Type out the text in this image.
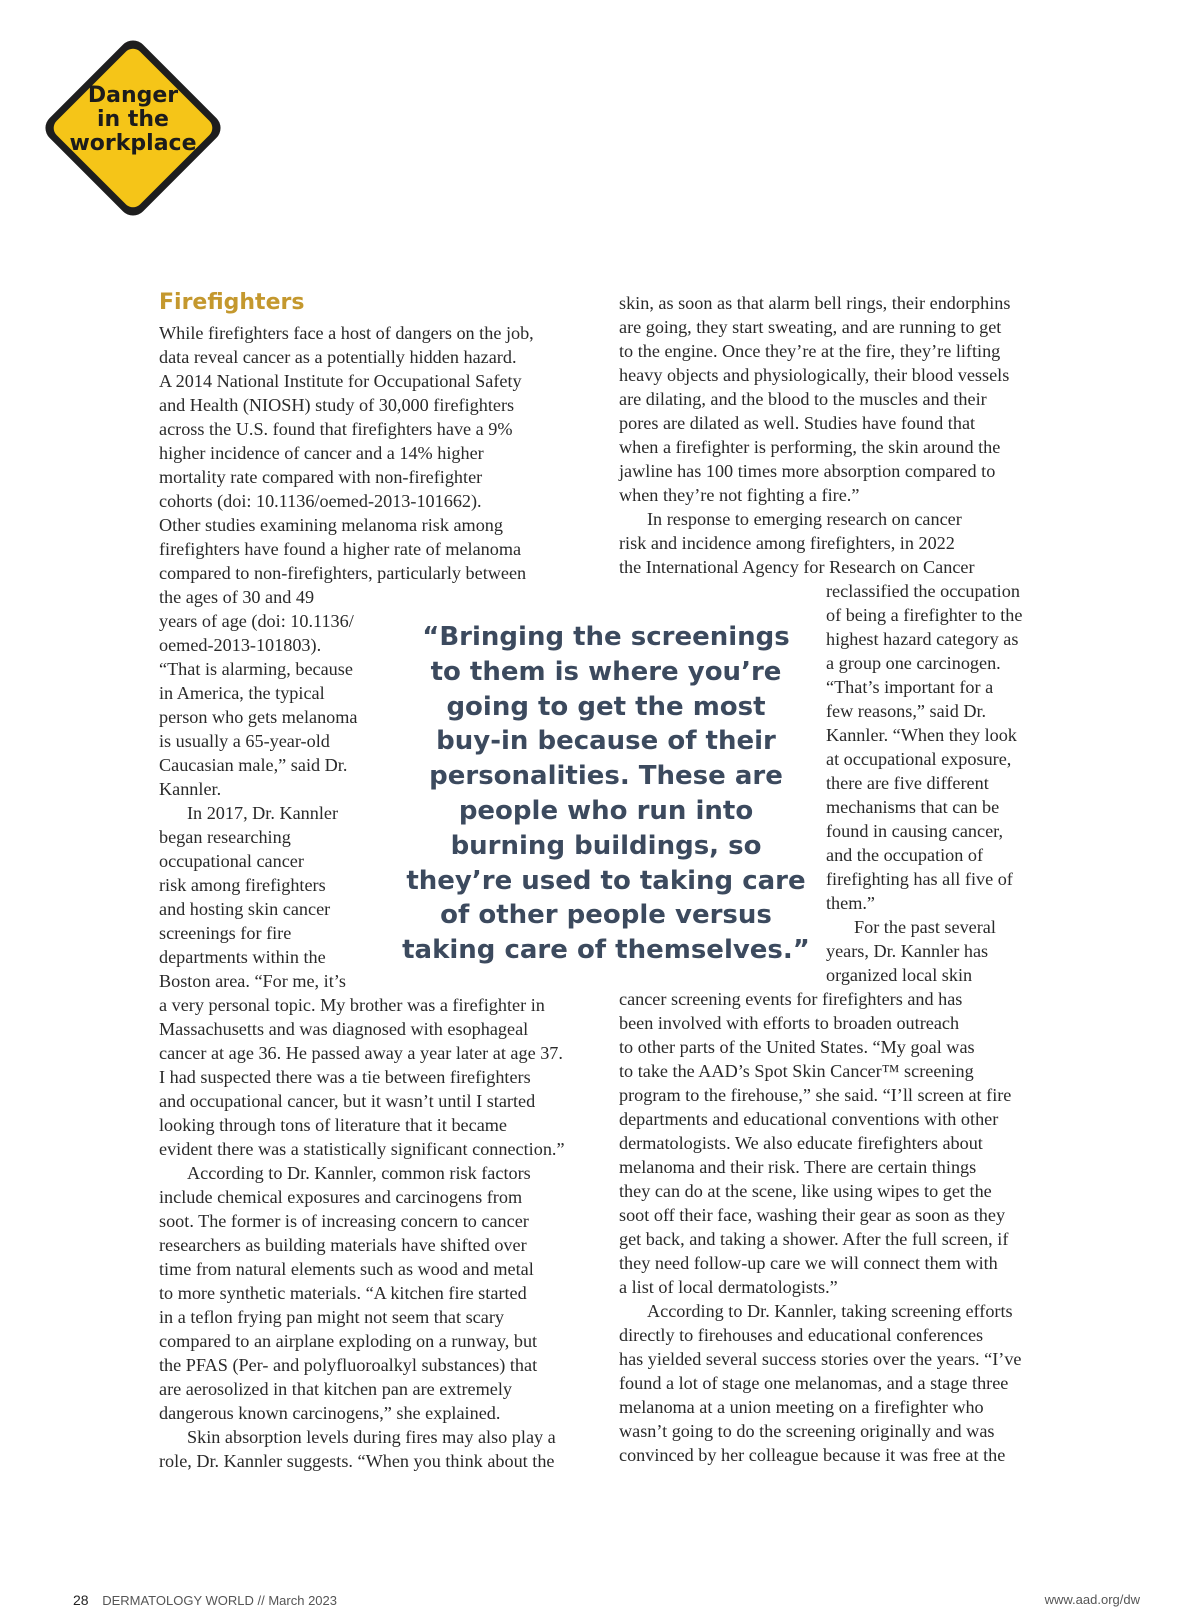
Danger
in the
workplace
Firefighters
While firefighters face a host of dangers on the job,
data reveal cancer as a potentially hidden hazard.
A 2014 National Institute for Occupational Safety
and Health (NIOSH) study of 30,000 firefighters
across the U.S. found that firefighters have a 9%
higher incidence of cancer and a 14% higher
mortality rate compared with non-firefighter
cohorts (doi: 10.1136/oemed-2013-101662).
Other studies examining melanoma risk among
firefighters have found a higher rate of melanoma
compared to non-firefighters, particularly between
the ages of 30 and 49
years of age (doi: 10.1136/
oemed-2013-101803).
“That is alarming, because
in America, the typical
person who gets melanoma
is usually a 65-year-old
Caucasian male,” said Dr.
Kannler.
In 2017, Dr. Kannler
began researching
occupational cancer
risk among firefighters
and hosting skin cancer
screenings for fire
departments within the
Boston area. “For me, it’s
a very personal topic. My brother was a firefighter in
Massachusetts and was diagnosed with esophageal
cancer at age 36. He passed away a year later at age 37.
I had suspected there was a tie between firefighters
and occupational cancer, but it wasn’t until I started
looking through tons of literature that it became
evident there was a statistically significant connection.”
According to Dr. Kannler, common risk factors
include chemical exposures and carcinogens from
soot. The former is of increasing concern to cancer
researchers as building materials have shifted over
time from natural elements such as wood and metal
to more synthetic materials. “A kitchen fire started
in a teflon frying pan might not seem that scary
compared to an airplane exploding on a runway, but
the PFAS (Per- and polyfluoroalkyl substances) that
are aerosolized in that kitchen pan are extremely
dangerous known carcinogens,” she explained.
Skin absorption levels during fires may also play a
role, Dr. Kannler suggests. “When you think about the
skin, as soon as that alarm bell rings, their endorphins
are going, they start sweating, and are running to get
to the engine. Once they’re at the fire, they’re lifting
heavy objects and physiologically, their blood vessels
are dilating, and the blood to the muscles and their
pores are dilated as well. Studies have found that
when a firefighter is performing, the skin around the
jawline has 100 times more absorption compared to
when they’re not fighting a fire.”
In response to emerging research on cancer
risk and incidence among firefighters, in 2022
the International Agency for Research on Cancer
reclassified the occupation
of being a firefighter to the
highest hazard category as
a group one carcinogen.
“That’s important for a
few reasons,” said Dr.
Kannler. “When they look
at occupational exposure,
there are five different
mechanisms that can be
found in causing cancer,
and the occupation of
firefighting has all five of
them.”
For the past several
years, Dr. Kannler has
organized local skin
cancer screening events for firefighters and has
been involved with efforts to broaden outreach
to other parts of the United States. “My goal was
to take the AAD’s Spot Skin Cancer™ screening
program to the firehouse,” she said. “I’ll screen at fire
departments and educational conventions with other
dermatologists. We also educate firefighters about
melanoma and their risk. There are certain things
they can do at the scene, like using wipes to get the
soot off their face, washing their gear as soon as they
get back, and taking a shower. After the full screen, if
they need follow-up care we will connect them with
a list of local dermatologists.”
According to Dr. Kannler, taking screening efforts
directly to firehouses and educational conferences
has yielded several success stories over the years. “I’ve
found a lot of stage one melanomas, and a stage three
melanoma at a union meeting on a firefighter who
wasn’t going to do the screening originally and was
convinced by her colleague because it was free at the
“Bringing the screenings
to them is where you’re
going to get the most
buy-in because of their
personalities. These are
people who run into
burning buildings, so
they’re used to taking care
of other people versus
taking care of themselves.”
28 DERMATOLOGY WORLD // March 2023	www.aad.org/dw
